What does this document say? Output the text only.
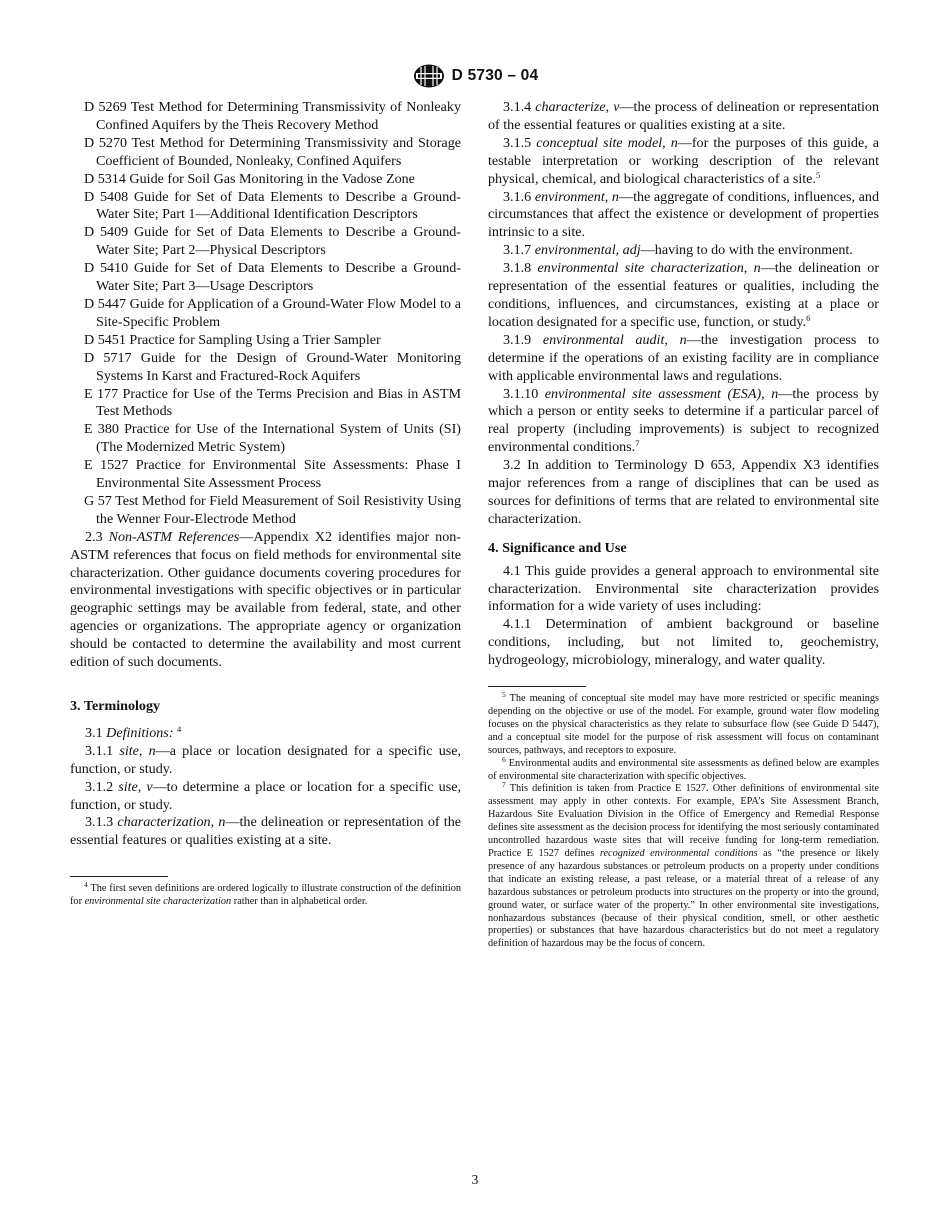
D 5730 – 04

D 5269 Test Method for Determining Transmissivity of Nonleaky Confined Aquifers by the Theis Recovery Method

D 5270 Test Method for Determining Transmissivity and Storage Coefficient of Bounded, Nonleaky, Confined Aquifers

D 5314 Guide for Soil Gas Monitoring in the Vadose Zone

D 5408 Guide for Set of Data Elements to Describe a Ground-Water Site; Part 1—Additional Identification Descriptors

D 5409 Guide for Set of Data Elements to Describe a Ground-Water Site; Part 2—Physical Descriptors

D 5410 Guide for Set of Data Elements to Describe a Ground-Water Site; Part 3—Usage Descriptors

D 5447 Guide for Application of a Ground-Water Flow Model to a Site-Specific Problem

D 5451 Practice for Sampling Using a Trier Sampler

D 5717 Guide for the Design of Ground-Water Monitoring Systems In Karst and Fractured-Rock Aquifers

E 177 Practice for Use of the Terms Precision and Bias in ASTM Test Methods

E 380 Practice for Use of the International System of Units (SI) (The Modernized Metric System)

E 1527 Practice for Environmental Site Assessments: Phase I Environmental Site Assessment Process

G 57 Test Method for Field Measurement of Soil Resistivity Using the Wenner Four-Electrode Method

2.3 Non-ASTM References—Appendix X2 identifies major non-ASTM references that focus on field methods for environmental site characterization. Other guidance documents covering procedures for environmental investigations with specific objectives or in particular geographic settings may be available from federal, state, and other agencies or organizations. The appropriate agency or organization should be contacted to determine the availability and most current edition of such documents.

3. Terminology

3.1 Definitions: $^4$

3.1.1 site, n—a place or location designated for a specific use, function, or study.

3.1.2 site, v—to determine a place or location for a specific use, function, or study.

3.1.3 characterization, n—the delineation or representation of the essential features or qualities existing at a site.

$^4$ The first seven definitions are ordered logically to illustrate construction of the definition for environmental site characterization rather than in alphabetical order.

3.1.4 characterize, v—the process of delineation or representation of the essential features or qualities existing at a site.

3.1.5 conceptual site model, n—for the purposes of this guide, a testable interpretation or working description of the relevant physical, chemical, and biological characteristics of a site.$^5$

3.1.6 environment, n—the aggregate of conditions, influences, and circumstances that affect the existence or development of properties intrinsic to a site.

3.1.7 environmental, adj—having to do with the environment.

3.1.8 environmental site characterization, n—the delineation or representation of the essential features or qualities, including the conditions, influences, and circumstances, existing at a place or location designated for a specific use, function, or study.$^6$

3.1.9 environmental audit, n—the investigation process to determine if the operations of an existing facility are in compliance with applicable environmental laws and regulations.

3.1.10 environmental site assessment (ESA), n—the process by which a person or entity seeks to determine if a particular parcel of real property (including improvements) is subject to recognized environmental conditions.$^7$

3.2 In addition to Terminology D 653, Appendix X3 identifies major references from a range of disciplines that can be used as sources for definitions of terms that are related to environmental site characterization.

4. Significance and Use

4.1 This guide provides a general approach to environmental site characterization. Environmental site characterization provides information for a wide variety of uses including:

4.1.1 Determination of ambient background or baseline conditions, including, but not limited to, geochemistry, hydrogeology, microbiology, mineralogy, and water quality.

$^5$ The meaning of conceptual site model may have more restricted or specific meanings depending on the objective or use of the model. For example, ground water flow modeling focuses on the physical characteristics as they relate to subsurface flow (see Guide D 5447), and a conceptual site model for the purpose of risk assessment will focus on contaminant sources, pathways, and receptors to exposure.

$^6$ Environmental audits and environmental site assessments as defined below are examples of environmental site characterization with specific objectives.

$^7$ This definition is taken from Practice E 1527. Other definitions of environmental site assessment may apply in other contexts. For example, EPA’s Site Assessment Branch, Hazardous Site Evaluation Division in the Office of Emergency and Remedial Response defines site assessment as the decision process for identifying the most seriously contaminated uncontrolled hazardous waste sites that will receive funding for long-term remediation. Practice E 1527 defines recognized environmental conditions as “the presence or likely presence of any hazardous substances or petroleum products on a property under conditions that indicate an existing release, a past release, or a material threat of a release of any hazardous substances or petroleum products into structures on the property or into the ground, ground water, or surface water of the property.” In other environmental site investigations, nonhazardous substances (because of their physical condition, smell, or other aesthetic properties) or substances that have hazardous characteristics but do not meet a regulatory definition of hazardous may be the focus of concern.

3
